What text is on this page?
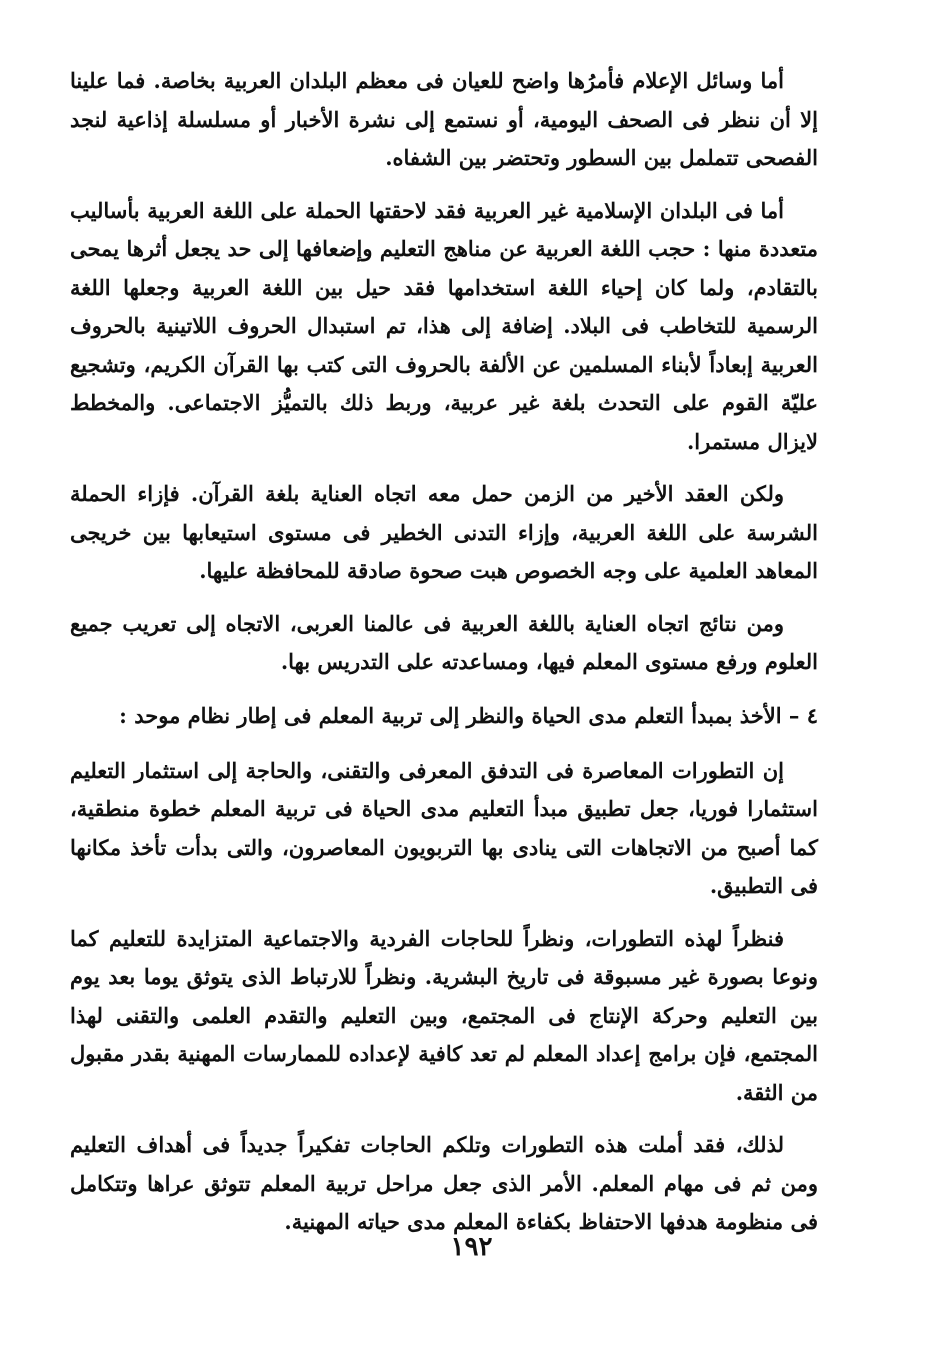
أما وسائل الإعلام فأمرُها واضح للعيان فى معظم البلدان العربية بخاصة. فما علينا إلا أن ننظر فى الصحف اليومية، أو نستمع إلى نشرة الأخبار أو مسلسلة إذاعية لنجد الفصحى تتململ بين السطور وتحتضر بين الشفاه.

أما فى البلدان الإسلامية غير العربية فقد لاحقتها الحملة على اللغة العربية بأساليب متعددة منها : حجب اللغة العربية عن مناهج التعليم وإضعافها إلى حد يجعل أثرها يمحى بالتقادم، ولما كان إحياء اللغة استخدامها فقد حيل بين اللغة العربية وجعلها اللغة الرسمية للتخاطب فى البلاد. إضافة إلى هذا، تم استبدال الحروف اللاتينية بالحروف العربية إبعاداً لأبناء المسلمين عن الألفة بالحروف التى كتب بها القرآن الكريم، وتشجيع عليّة القوم على التحدث بلغة غير عربية، وربط ذلك بالتميُّز الاجتماعى. والمخطط لايزال مستمرا.

ولكن العقد الأخير من الزمن حمل معه اتجاه العناية بلغة القرآن. فإزاء الحملة الشرسة على اللغة العربية، وإزاء التدنى الخطير فى مستوى استيعابها بين خريجى المعاهد العلمية على وجه الخصوص هبت صحوة صادقة للمحافظة عليها.

ومن نتائج اتجاه العناية باللغة العربية فى عالمنا العربى، الاتجاه إلى تعريب جميع العلوم ورفع مستوى المعلم فيها، ومساعدته على التدريس بها.

٤ – الأخذ بمبدأ التعلم مدى الحياة والنظر إلى تربية المعلم فى إطار نظام موحد :

إن التطورات المعاصرة فى التدفق المعرفى والتقنى، والحاجة إلى استثمار التعليم استثمارا فوريا، جعل تطبيق مبدأ التعليم مدى الحياة فى تربية المعلم خطوة منطقية، كما أصبح من الاتجاهات التى ينادى بها التربويون المعاصرون، والتى بدأت تأخذ مكانها فى التطبيق.

فنظراً لهذه التطورات، ونظراً للحاجات الفردية والاجتماعية المتزايدة للتعليم كما ونوعا بصورة غير مسبوقة فى تاريخ البشرية. ونظراً للارتباط الذى يتوثق يوما بعد يوم بين التعليم وحركة الإنتاج فى المجتمع، وبين التعليم والتقدم العلمى والتقنى لهذا المجتمع، فإن برامج إعداد المعلم لم تعد كافية لإعداده للممارسات المهنية بقدر مقبول من الثقة.

لذلك، فقد أملت هذه التطورات وتلكم الحاجات تفكيراً جديداً فى أهداف التعليم ومن ثم فى مهام المعلم. الأمر الذى جعل مراحل تربية المعلم تتوثق عراها وتتكامل فى منظومة هدفها الاحتفاظ بكفاءة المعلم مدى حياته المهنية.

١٩٢
